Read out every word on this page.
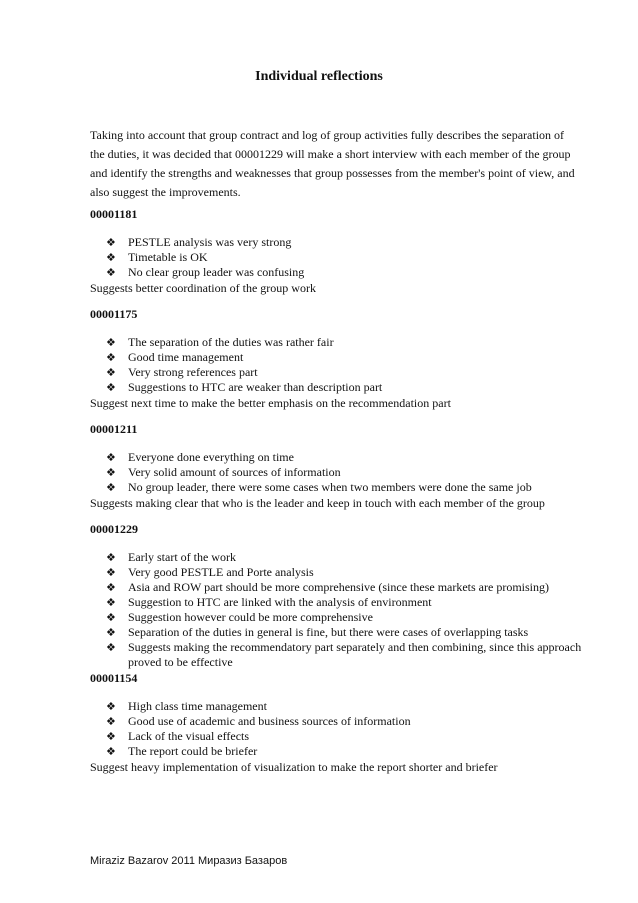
Individual reflections

Taking into account that group contract and log of group activities fully describes the separation of the duties, it was decided that 00001229 will make a short interview with each member of the group and identify the strengths and weaknesses that group possesses from the member's point of view, and also suggest the improvements.

00001181

❖ PESTLE analysis was very strong
❖ Timetable is OK
❖ No clear group leader was confusing

Suggests better coordination of the group work

00001175

❖ The separation of the duties was rather fair
❖ Good time management
❖ Very strong references part
❖ Suggestions to HTC are weaker than description part

Suggest next time to make the better emphasis on the recommendation part

00001211

❖ Everyone done everything on time
❖ Very solid amount of sources of information
❖ No group leader, there were some cases when two members were done the same job

Suggests making clear that who is the leader and keep in touch with each member of the group

00001229

❖ Early start of the work
❖ Very good PESTLE and Porte analysis
❖ Asia and ROW part should be more comprehensive (since these markets are promising)
❖ Suggestion to HTC are linked with the analysis of environment
❖ Suggestion however could be more comprehensive
❖ Separation of the duties in general is fine, but there were cases of overlapping tasks
❖ Suggests making the recommendatory part separately and then combining, since this approach proved to be effective

00001154

❖ High class time management
❖ Good use of academic and business sources of information
❖ Lack of the visual effects
❖ The report could be briefer

Suggest heavy implementation of visualization to make the report shorter and briefer

Miraziz Bazarov 2011 Миразиз Базаров
